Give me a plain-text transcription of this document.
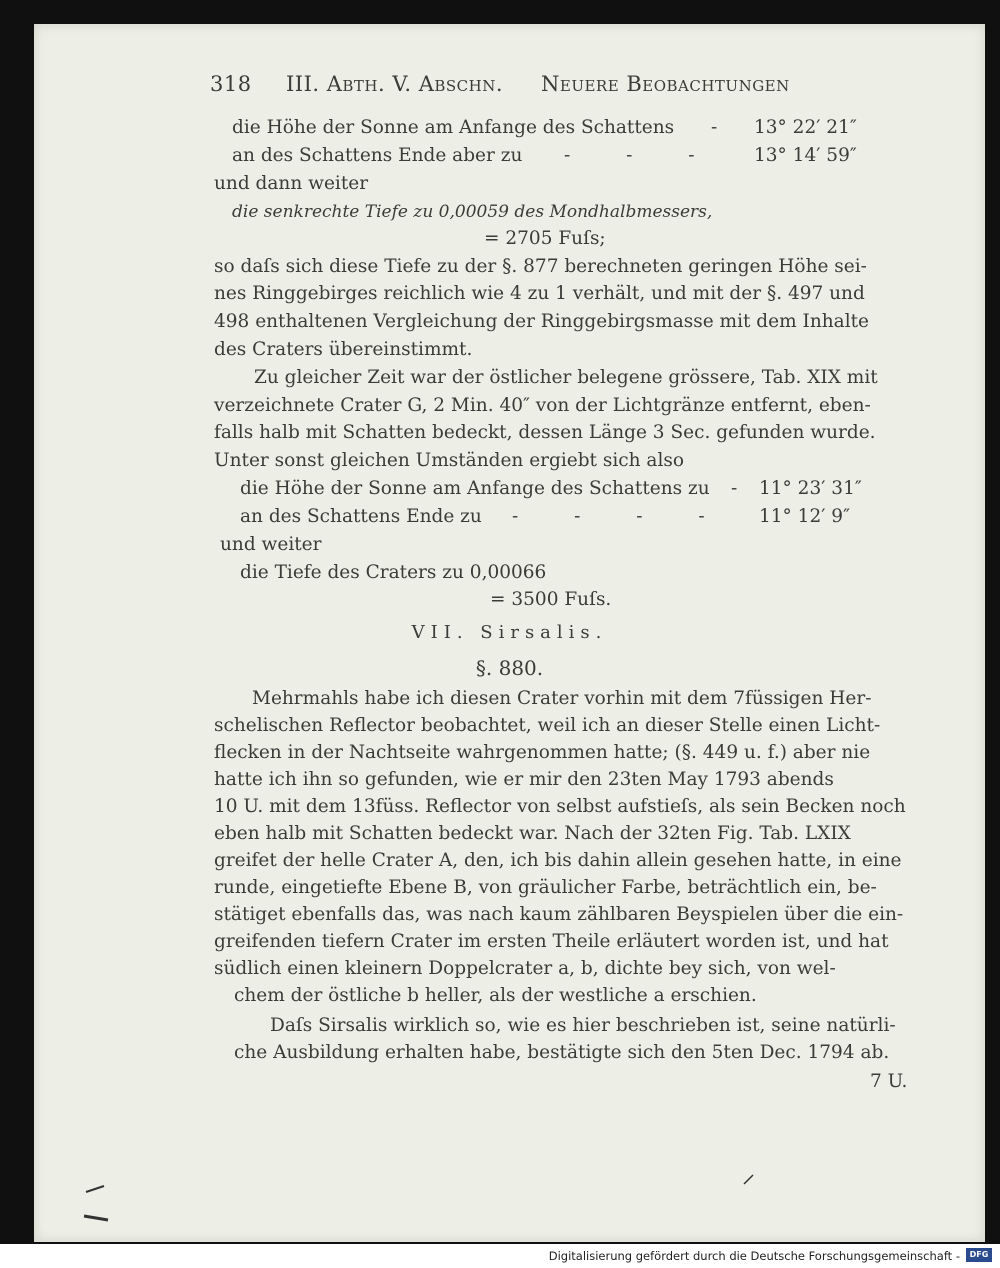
318 III. Abth. V. Abschn. Neuere Beobachtungen
die Höhe der Sonne am Anfange des Schattens - 13° 22′ 21″
an des Schattens Ende aber zu - - -	13° 14′ 59″
und dann weiter
die senkrechte Tiefe zu 0,00059 des Mondhalbmessers,
= 2705 Fuſs;
so daſs sich diese Tiefe zu der §. 877 berechneten geringen Höhe sei-
nes Ringgebirges reichlich wie 4 zu 1 verhält, und mit der §. 497 und
498 enthaltenen Vergleichung der Ringgebirgsmasse mit dem Inhalte
des Craters übereinstimmt.
Zu gleicher Zeit war der östlicher belegene grössere, Tab. XIX mit
verzeichnete Crater G, 2 Min. 40″ von der Lichtgränze entfernt, eben-
falls halb mit Schatten bedeckt, dessen Länge 3 Sec. gefunden wurde.
Unter sonst gleichen Umständen ergiebt sich also
die Höhe der Sonne am Anfange des Schattens zu - 11° 23′ 31″
an des Schattens Ende zu - - - -	11° 12′ 9″
und weiter
die Tiefe des Craters zu 0,00066
= 3500 Fuſs.
VII. Sirsalis.
§. 880.
Mehrmahls habe ich diesen Crater vorhin mit dem 7füssigen Her-
schelischen Reflector beobachtet, weil ich an dieser Stelle einen Licht-
flecken in der Nachtseite wahrgenommen hatte; (§. 449 u. f.) aber nie
hatte ich ihn so gefunden, wie er mir den 23ten May 1793 abends
10 U. mit dem 13füss. Reflector von selbst aufstieſs, als sein Becken noch
eben halb mit Schatten bedeckt war. Nach der 32ten Fig. Tab. LXIX
greifet der helle Crater A, den, ich bis dahin allein gesehen hatte, in eine
runde, eingetiefte Ebene B, von gräulicher Farbe, beträchtlich ein, be-
stätiget ebenfalls das, was nach kaum zählbaren Beyspielen über die ein-
greifenden tiefern Crater im ersten Theile erläutert worden ist, und hat
südlich einen kleinern Doppelcrater a, b, dichte bey sich, von wel-
chem der östliche b heller, als der westliche a erschien.
Daſs Sirsalis wirklich so, wie es hier beschrieben ist, seine natürli-
che Ausbildung erhalten habe, bestätigte sich den 5ten Dec. 1794 ab.
7 U.
Digitalisierung gefördert durch die Deutsche Forschungsgemeinschaft -	DFG
